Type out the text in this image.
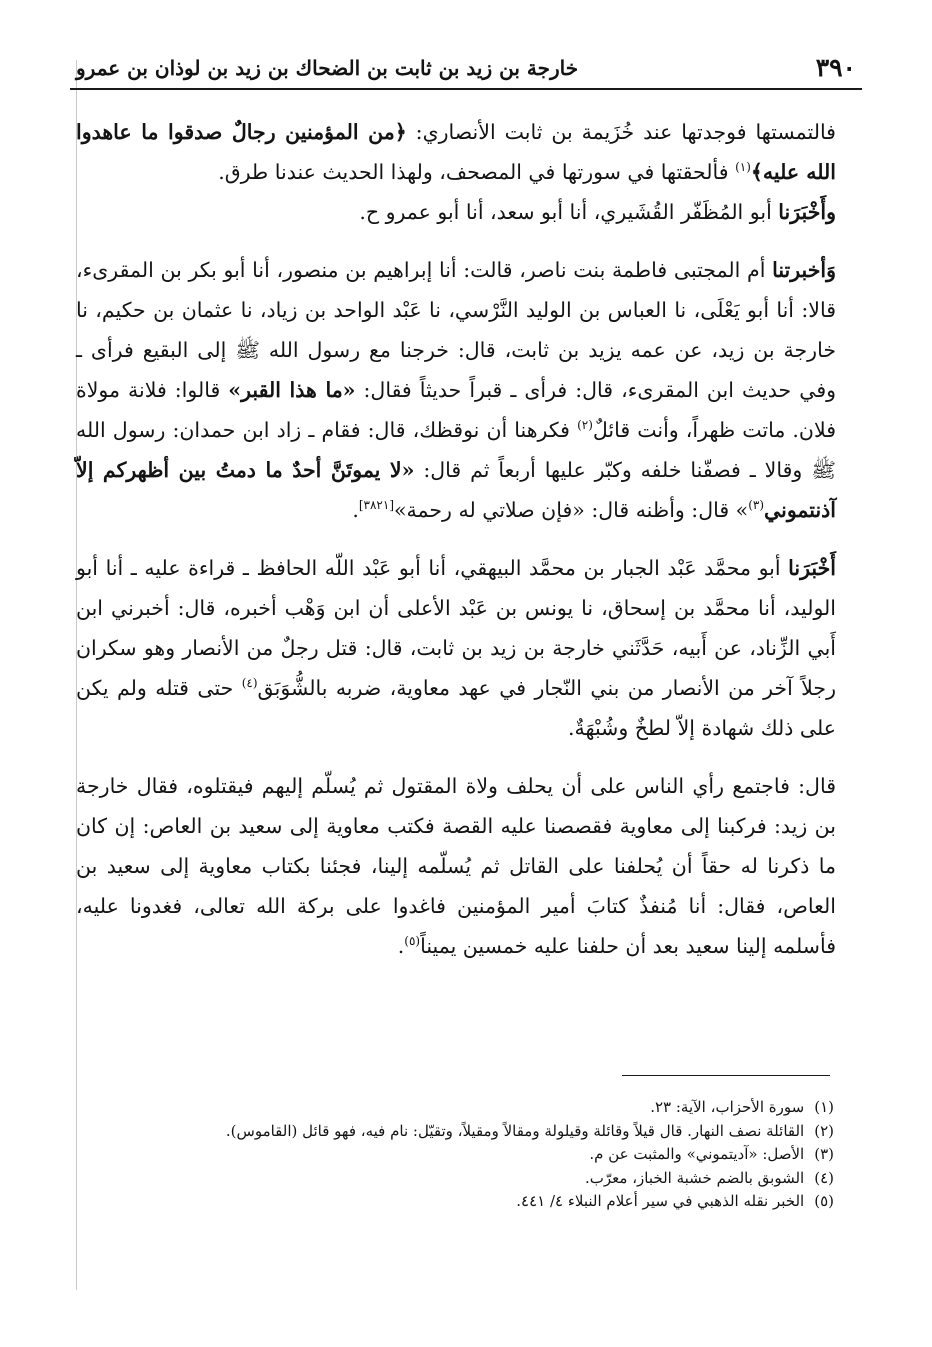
٣٩٠
خارجة بن زيد بن ثابت بن الضحاك بن زيد بن لوذان بن عمرو

فالتمستها فوجدتها عند خُزَيمة بن ثابت الأنصاري: ﴿من المؤمنين رجالٌ صدقوا ما عاهدوا الله عليه﴾$^{(١)}$ فألحقتها في سورتها في المصحف، ولهذا الحديث عندنا طرق.

وأَخْبَرَنا أبو المُظَفّر القُشَيري، أنا أبو سعد، أنا أبو عمرو ح.

وَأخبرتنا أم المجتبى فاطمة بنت ناصر، قالت: أنا إبراهيم بن منصور، أنا أبو بكر بن المقرىء، قالا: أنا أبو يَعْلَى، نا العباس بن الوليد النَّرْسي، نا عَبْد الواحد بن زياد، نا عثمان بن حكيم، نا خارجة بن زيد، عن عمه يزيد بن ثابت، قال: خرجنا مع رسول الله ﷺ إلى البقيع فرأى ـ وفي حديث ابن المقرىء، قال: فرأى ـ قبراً حديثاً فقال: «ما هذا القبر» قالوا: فلانة مولاة فلان. ماتت ظهراً، وأنت قائلٌ$^{(٢)}$ فكرهنا أن نوقظك، قال: فقام ـ زاد ابن حمدان: رسول الله ﷺ وقالا ـ فصفّنا خلفه وكبّر عليها أربعاً ثم قال: «لا يموتَنَّ أحدٌ ما دمتُ بين أظهركم إلاّ آذنتموني$^{(٣)}$» قال: وأظنه قال: «فإن صلاتي له رحمة»[٣٨٢١].

أَخْبَرَنا أبو محمَّد عَبْد الجبار بن محمَّد البيهقي، أنا أبو عَبْد اللّه الحافظ ـ قراءة عليه ـ أنا أبو الوليد، أنا محمَّد بن إسحاق، نا يونس بن عَبْد الأعلى أن ابن وَهْب أخبره، قال: أخبرني ابن أَبي الزِّناد، عن أَبيه، حَدَّثَني خارجة بن زيد بن ثابت، قال: قتل رجلٌ من الأنصار وهو سكران رجلاً آخر من الأنصار من بني النّجار في عهد معاوية، ضربه بالشُّوَبَق$^{(٤)}$ حتى قتله ولم يكن على ذلك شهادة إلاّ لطخٌ وشُبْهَةٌ.

قال: فاجتمع رأي الناس على أن يحلف ولاة المقتول ثم يُسلّم إليهم فيقتلوه، فقال خارجة بن زيد: فركبنا إلى معاوية فقصصنا عليه القصة فكتب معاوية إلى سعيد بن العاص: إن كان ما ذكرنا له حقاً أن يُحلفنا على القاتل ثم يُسلّمه إلينا، فجئنا بكتاب معاوية إلى سعيد بن العاص، فقال: أنا مُنفذٌ كتابَ أمير المؤمنين فاغدوا على بركة الله تعالى، فغدونا عليه، فأسلمه إلينا سعيد بعد أن حلفنا عليه خمسين يميناً$^{(٥)}$.

(١)
سورة الأحزاب، الآية: ٢٣.
(٢)
القائلة نصف النهار. قال قيلاً وقائلة وقيلولة ومقالاً ومقيلاً، وتقيّل: نام فيه، فهو قائل (القاموس).
(٣)
الأصل: «آديتموني» والمثبت عن م.
(٤)
الشوبق بالضم خشبة الخباز، معرّب.
(٥)
الخبر نقله الذهبي في سير أعلام النبلاء ٤/ ٤٤١.
